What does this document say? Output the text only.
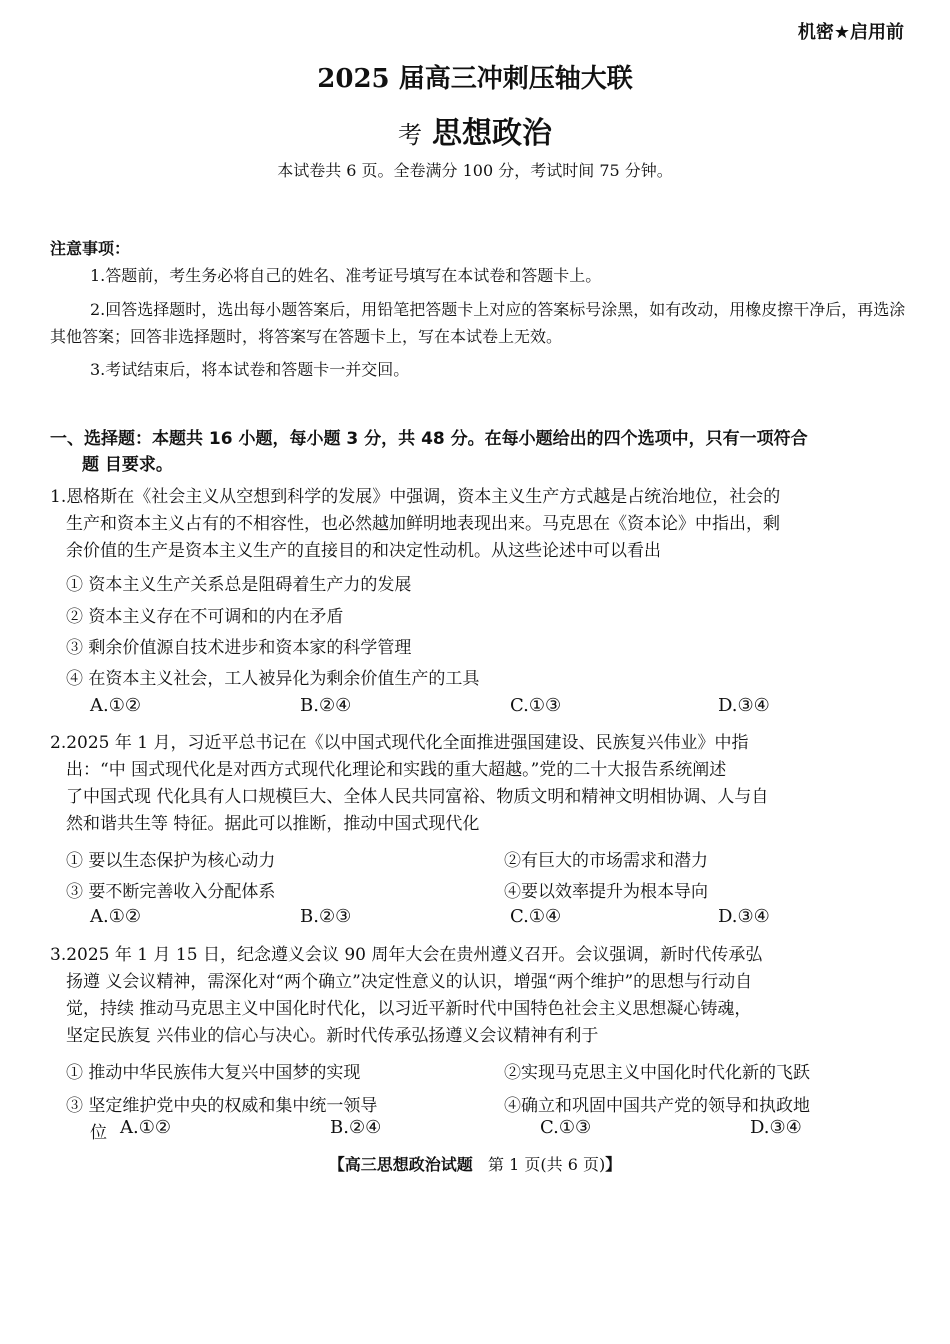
机密★启用前
2025 届高三冲刺压轴大联
考 思想政治
本试卷共 6 页。全卷满分 100 分，考试时间 75 分钟。
注意事项：
1.答题前，考生务必将自己的姓名、准考证号填写在本试卷和答题卡上。
2.回答选择题时，选出每小题答案后，用铅笔把答题卡上对应的答案标号涂黑，如有改动，用橡皮擦干净后，再选涂其他答案；回答非选择题时，将答案写在答题卡上，写在本试卷上无效。
3.考试结束后，将本试卷和答题卡一并交回。
一、选择题：本题共 16 小题，每小题 3 分，共 48 分。在每小题给出的四个选项中，只有一项符合
题 目要求。
1.恩格斯在《社会主义从空想到科学的发展》中强调，资本主义生产方式越是占统治地位，社会的
生产和资本主义占有的不相容性，也必然越加鲜明地表现出来。马克思在《资本论》中指出，剩
余价值的生产是资本主义生产的直接目的和决定性动机。从这些论述中可以看出
① 资本主义生产关系总是阻碍着生产力的发展
② 资本主义存在不可调和的内在矛盾
③ 剩余价值源自技术进步和资本家的科学管理
④ 在资本主义社会，工人被异化为剩余价值生产的工具
A.①②	B.②④	C.①③	D.③④
2.2025 年 1 月，习近平总书记在《以中国式现代化全面推进强国建设、民族复兴伟业》中指
出：“中 国式现代化是对西方式现代化理论和实践的重大超越。”党的二十大报告系统阐述
了中国式现 代化具有人口规模巨大、全体人民共同富裕、物质文明和精神文明相协调、人与自
然和谐共生等 特征。据此可以推断，推动中国式现代化
① 要以生态保护为核心动力	②有巨大的市场需求和潜力
③ 要不断完善收入分配体系	④要以效率提升为根本导向
A.①②	B.②③	C.①④	D.③④
3.2025 年 1 月 15 日，纪念遵义会议 90 周年大会在贵州遵义召开。会议强调，新时代传承弘
扬遵 义会议精神，需深化对“两个确立”决定性意义的认识，增强“两个维护”的思想与行动自
觉，持续 推动马克思主义中国化时代化，以习近平新时代中国特色社会主义思想凝心铸魂，
坚定民族复 兴伟业的信心与决心。新时代传承弘扬遵义会议精神有利于
① 推动中华民族伟大复兴中国梦的实现	②实现马克思主义中国化时代化新的飞跃
③ 坚定维护党中央的权威和集中统一领导	④确立和巩固中国共产党的领导和执政地
位 A.①②	B.②④	C.①③	D.③④
【高三思想政治试题 第 1 页(共 6 页)】
